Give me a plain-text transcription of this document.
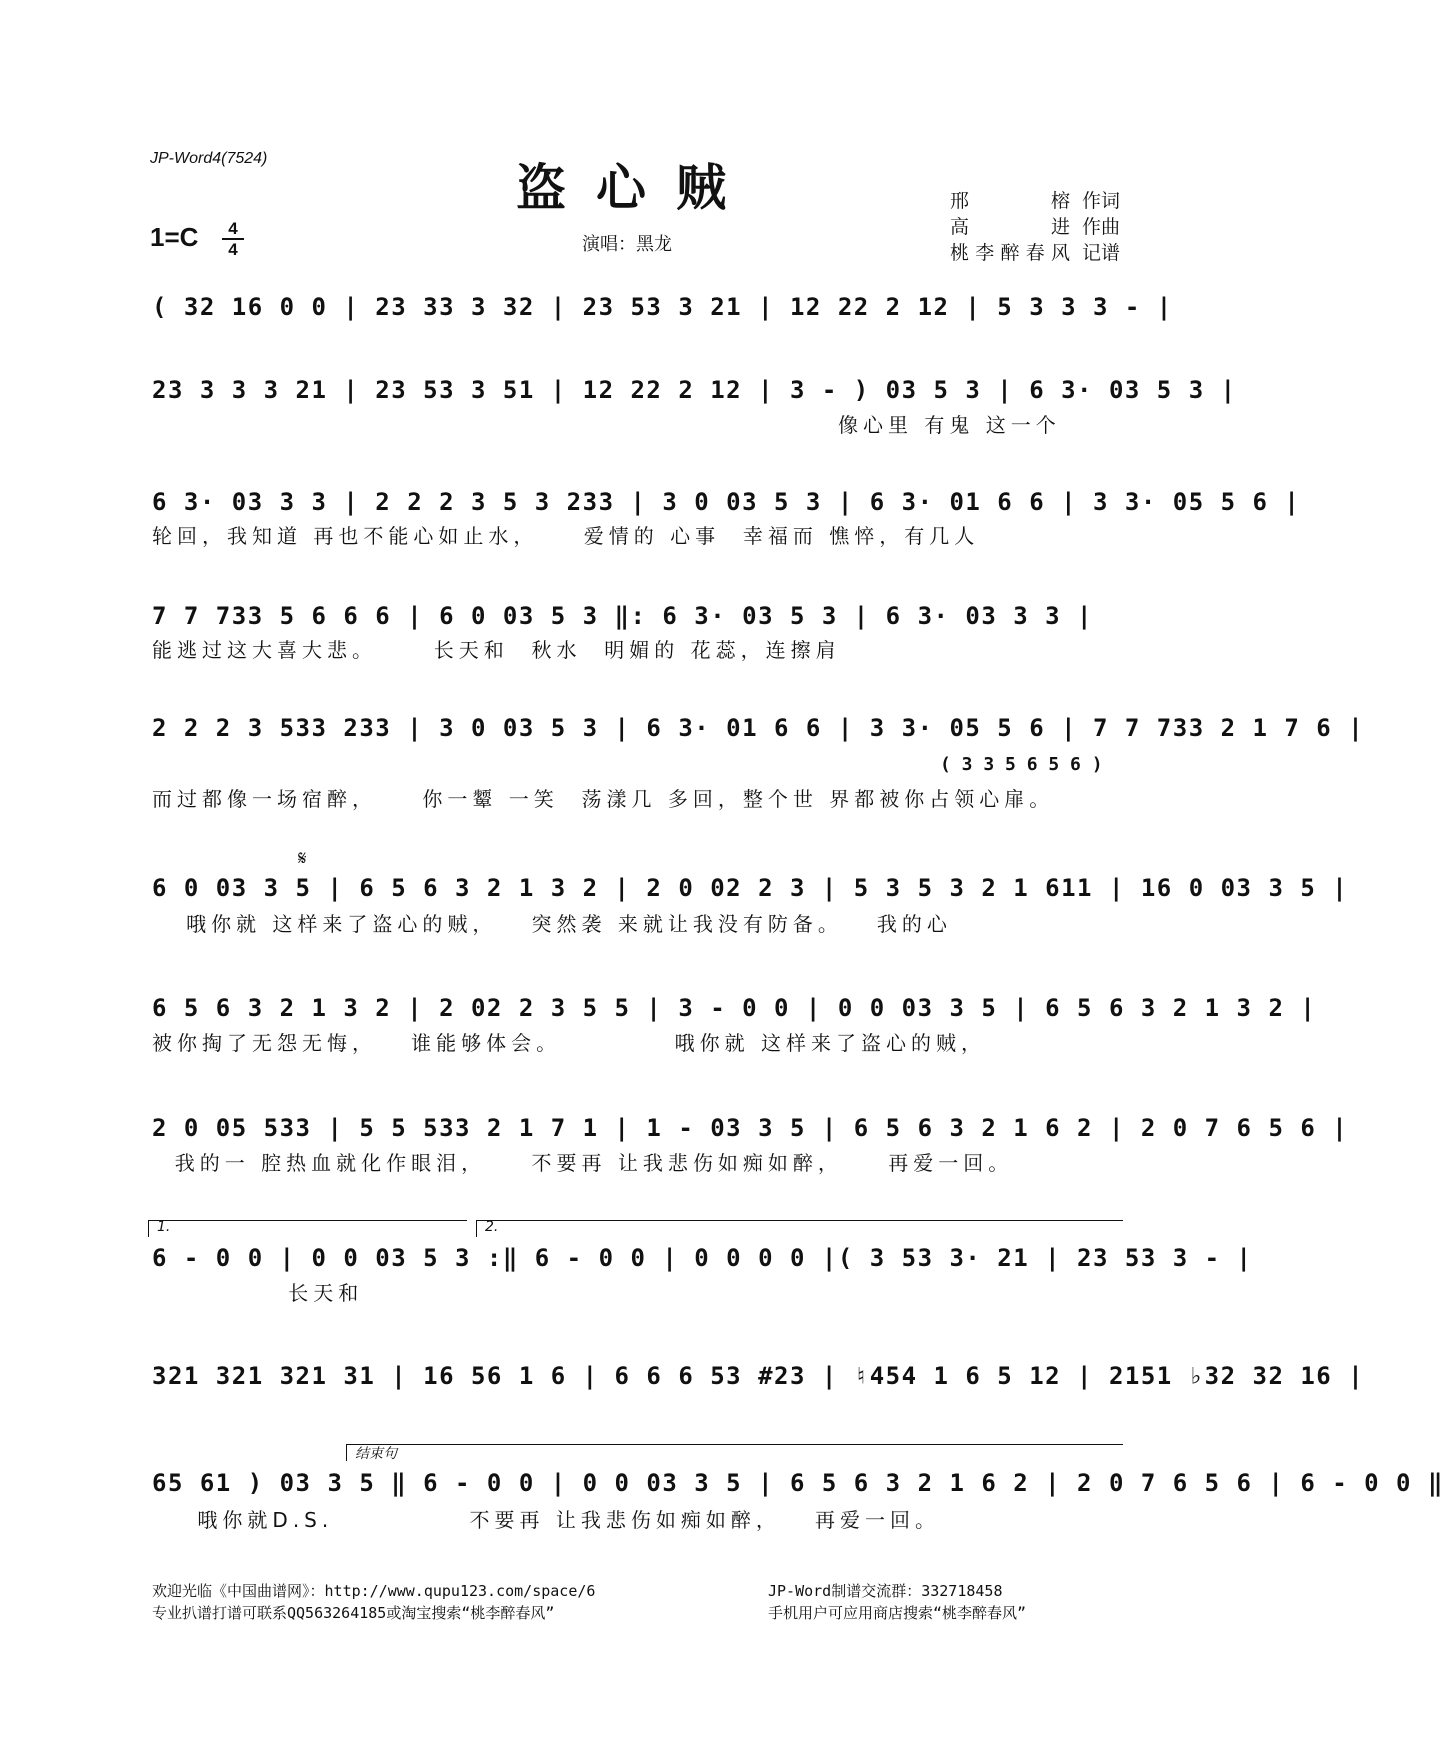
JP-Word4(7524)	盗心贼
1=C	4
4	演唱：黑龙
邢 榕 作词
高 进 作曲
桃李醉春风 记谱
( 32 16 0 0 | 23 33 3 32 | 23 53 3 21 | 12 22 2 12 | 5 3 3 3 - |
23 3 3 3 21 | 23 53 3 51 | 12 22 2 12 | 3 - ) 03 5 3 | 6 3· 03 5 3 |
像心里 有鬼 这一个
6 3· 03 3 3 | 2 2 2 3 5 3 233 | 3 0 03 5 3 | 6 3· 01 6 6 | 3 3· 05 5 6 |
轮回，我知道 再也不能心如止水，    爱情的 心事  幸福而 憔悴，有几人
7 7 733 5 6 6 6 | 6 0 03 5 3 ‖: 6 3· 03 5 3 | 6 3· 03 3 3 |
能逃过这大喜大悲。     长天和  秋水  明媚的 花蕊，连擦肩
2 2 2 3 533 233 | 3 0 03 5 3 | 6 3· 01 6 6 | 3 3· 05 5 6 | 7 7 733 2 1 7 6 |
( 3 3 5 6 5 6 )
而过都像一场宿醉，    你一颦 一笑  荡漾几 多回，整个世 界都被你占领心扉。
𝄋
6 0 03 3 5 | 6 5 6 3 2 1 3 2 | 2 0 02 2 3 | 5 3 5 3 2 1 611 | 16 0 03 3 5 |
哦你就 这样来了盗心的贼，   突然袭 来就让我没有防备。   我的心
6 5 6 3 2 1 3 2 | 2 02 2 3 5 5 | 3 - 0 0 | 0 0 03 3 5 | 6 5 6 3 2 1 3 2 |
被你掏了无怨无悔，   谁能够体会。          哦你就 这样来了盗心的贼，
2 0 05 533 | 5 5 533 2 1 7 1 | 1 - 03 3 5 | 6 5 6 3 2 1 6 2 | 2 0 7 6 5 6 |
我的一 腔热血就化作眼泪，    不要再 让我悲伤如痴如醉，    再爱一回。
1.	2.
6 - 0 0 | 0 0 03 5 3 :‖ 6 - 0 0 | 0 0 0 0 |( 3 53 3· 21 | 23 53 3 - |
长天和
321 321 321 31 | 16 56 1 6 | 6 6 6 53 #23 | ♮454 1 6 5 12 | 2151 ♭32 32 16 |
结束句
65 61 ) 03 3 5 ‖ 6 - 0 0 | 0 0 03 3 5 | 6 5 6 3 2 1 6 2 | 2 0 7 6 5 6 | 6 - 0 0 ‖
哦你就D.S.            不要再 让我悲伤如痴如醉，   再爱一回。
欢迎光临《中国曲谱网》：http://www.qupu123.com/space/6
专业扒谱打谱可联系QQ563264185或淘宝搜索“桃李醉春风”
JP-Word制谱交流群：332718458
手机用户可应用商店搜索“桃李醉春风”
